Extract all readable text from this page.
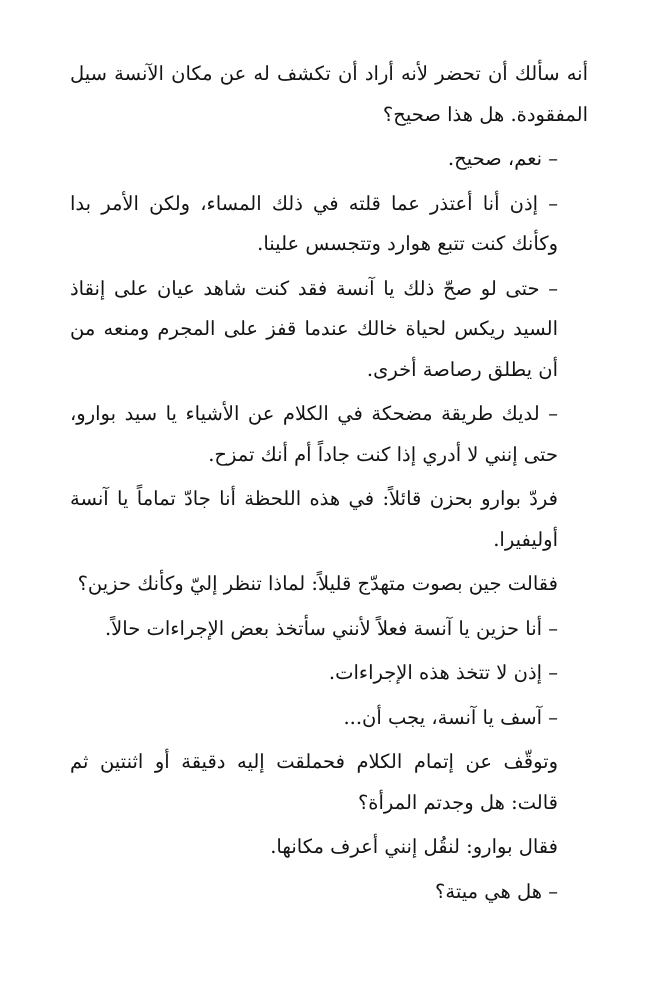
أنه سألك أن تحضر لأنه أراد أن تكشف له عن مكان الآنسة سيل المفقودة. هل هذا صحيح؟

– نعم، صحيح.

– إذن أنا أعتذر عما قلته في ذلك المساء، ولكن الأمر بدا وكأنك كنت تتبع هوارد وتتجسس علينا.

– حتى لو صحّ ذلك يا آنسة فقد كنت شاهد عيان على إنقاذ السيد ريكس لحياة خالك عندما قفز على المجرم ومنعه من أن يطلق رصاصة أخرى.

– لديك طريقة مضحكة في الكلام عن الأشياء يا سيد بوارو، حتى إنني لا أدري إذا كنت جاداً أم أنك تمزح.

فردّ بوارو بحزن قائلاً: في هذه اللحظة أنا جادّ تماماً يا آنسة أوليفيرا.

فقالت جين بصوت متهدّج قليلاً: لماذا تنظر إليّ وكأنك حزين؟

– أنا حزين يا آنسة فعلاً لأنني سأتخذ بعض الإجراءات حالاً.

– إذن لا تتخذ هذه الإجراءات.

– آسف يا آنسة، يجب أن...

وتوقّف عن إتمام الكلام فحملقت إليه دقيقة أو اثنتين ثم قالت: هل وجدتم المرأة؟

فقال بوارو: لنقُل إنني أعرف مكانها.

– هل هي ميتة؟
